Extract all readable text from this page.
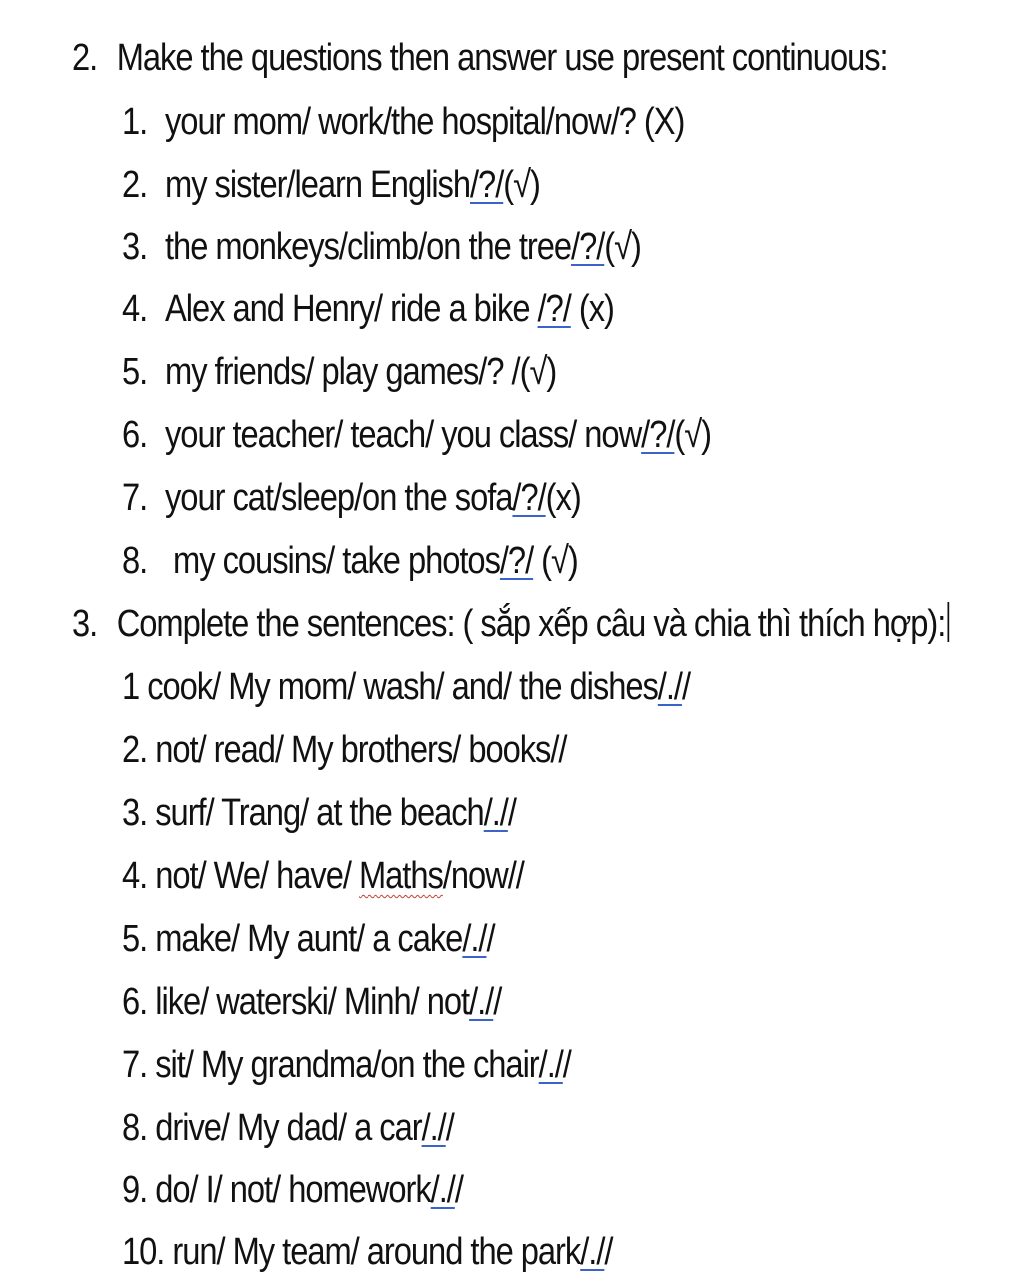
2. Make the questions then answer use present continuous:
1. your mom/ work/the hospital/now/? (X)
2. my sister/learn English/?/(√)
3. the monkeys/climb/on the tree/?/(√)
4. Alex and Henry/ ride a bike /?/ (x)
5. my friends/ play games/? /(√)
6. your teacher/ teach/ you class/ now/?/(√)
7. your cat/sleep/on the sofa/?/(x)
8. my cousins/ take photos/?/ (√)
3. Complete the sentences: ( sắp xếp câu và chia thì thích hợp):
1 cook/ My mom/ wash/ and/ the dishes/.//
2. not/ read/ My brothers/ books//
3. surf/ Trang/ at the beach/.//
4. not/ We/ have/ Maths/now//
5. make/ My aunt/ a cake/.//
6. like/ waterski/ Minh/ not/.//
7. sit/ My grandma/on the chair/.//
8. drive/ My dad/ a car/.//
9. do/ I/ not/ homework/.//
10. run/ My team/ around the park/.//
